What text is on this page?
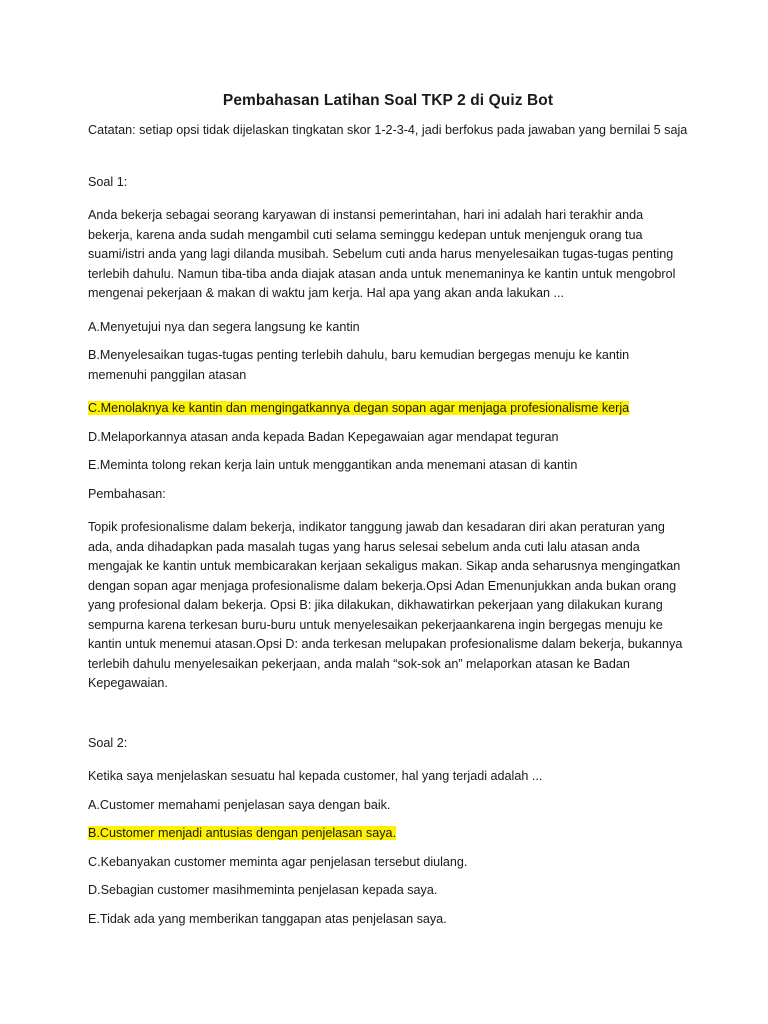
Pembahasan Latihan Soal TKP 2 di Quiz Bot

Catatan: setiap opsi tidak dijelaskan tingkatan skor 1-2-3-4, jadi berfokus pada jawaban yang bernilai 5 saja

Soal 1:

Anda bekerja sebagai seorang karyawan di instansi pemerintahan, hari ini adalah hari terakhir anda bekerja, karena anda sudah mengambil cuti selama seminggu kedepan untuk menjenguk orang tua suami/istri anda yang lagi dilanda musibah. Sebelum cuti anda harus menyelesaikan tugas-tugas penting terlebih dahulu. Namun tiba-tiba anda diajak atasan anda untuk menemaninya ke kantin untuk mengobrol mengenai pekerjaan & makan di waktu jam kerja. Hal apa yang akan anda lakukan ...

A.Menyetujui nya dan segera langsung ke kantin

B.Menyelesaikan tugas-tugas penting terlebih dahulu, baru kemudian bergegas menuju ke kantin memenuhi panggilan atasan

C.Menolaknya ke kantin dan mengingatkannya degan sopan agar menjaga profesionalisme kerja

D.Melaporkannya atasan anda kepada Badan Kepegawaian agar mendapat teguran

E.Meminta tolong rekan kerja lain untuk menggantikan anda menemani atasan di kantin

Pembahasan:

Topik profesionalisme dalam bekerja, indikator tanggung jawab dan kesadaran diri akan peraturan yang ada, anda dihadapkan pada masalah tugas yang harus selesai sebelum anda cuti lalu atasan anda mengajak ke kantin untuk membicarakan kerjaan sekaligus makan. Sikap anda seharusnya mengingatkan dengan sopan agar menjaga profesionalisme dalam bekerja.Opsi Adan Emenunjukkan anda bukan orang yang profesional dalam bekerja. Opsi B: jika dilakukan, dikhawatirkan pekerjaan yang dilakukan kurang sempurna karena terkesan buru-buru untuk menyelesaikan pekerjaankarena ingin bergegas menuju ke kantin untuk menemui atasan.Opsi D: anda terkesan melupakan profesionalisme dalam bekerja, bukannya terlebih dahulu menyelesaikan pekerjaan, anda malah “sok-sok an” melaporkan atasan ke Badan Kepegawaian.

Soal 2:

Ketika saya menjelaskan sesuatu hal kepada customer, hal yang terjadi adalah ...

A.Customer memahami penjelasan saya dengan baik.

B.Customer menjadi antusias dengan penjelasan saya.

C.Kebanyakan customer meminta agar penjelasan tersebut diulang.

D.Sebagian customer masihmeminta penjelasan kepada saya.

E.Tidak ada yang memberikan tanggapan atas penjelasan saya.
